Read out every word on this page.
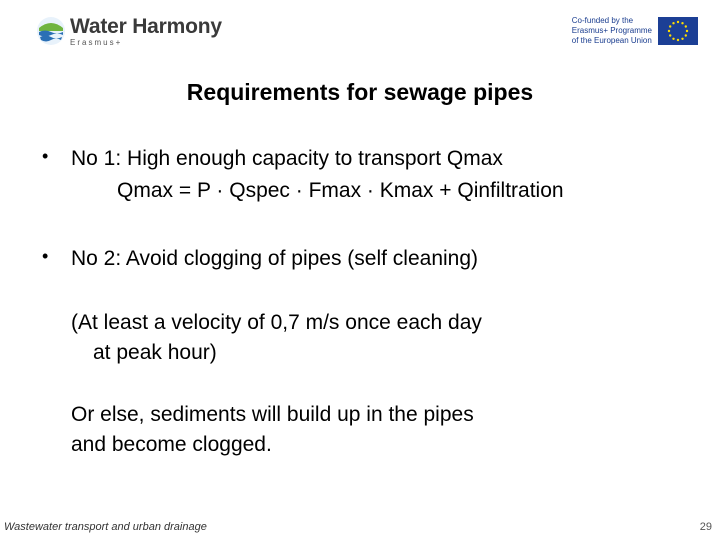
Water Harmony
Erasmus+
Co-funded by the
Erasmus+ Programme
of the European Union
Requirements for sewage pipes
• No 1: High enough capacity to transport Qmax
Qmax = P · Qspec · Fmax · Kmax + Qinfiltration
• No 2: Avoid clogging of pipes (self cleaning)
(At least a velocity of 0,7 m/s once each day
at peak hour)
Or else, sediments will build up in the pipes
and become clogged.
Wastewater transport and urban drainage	29
